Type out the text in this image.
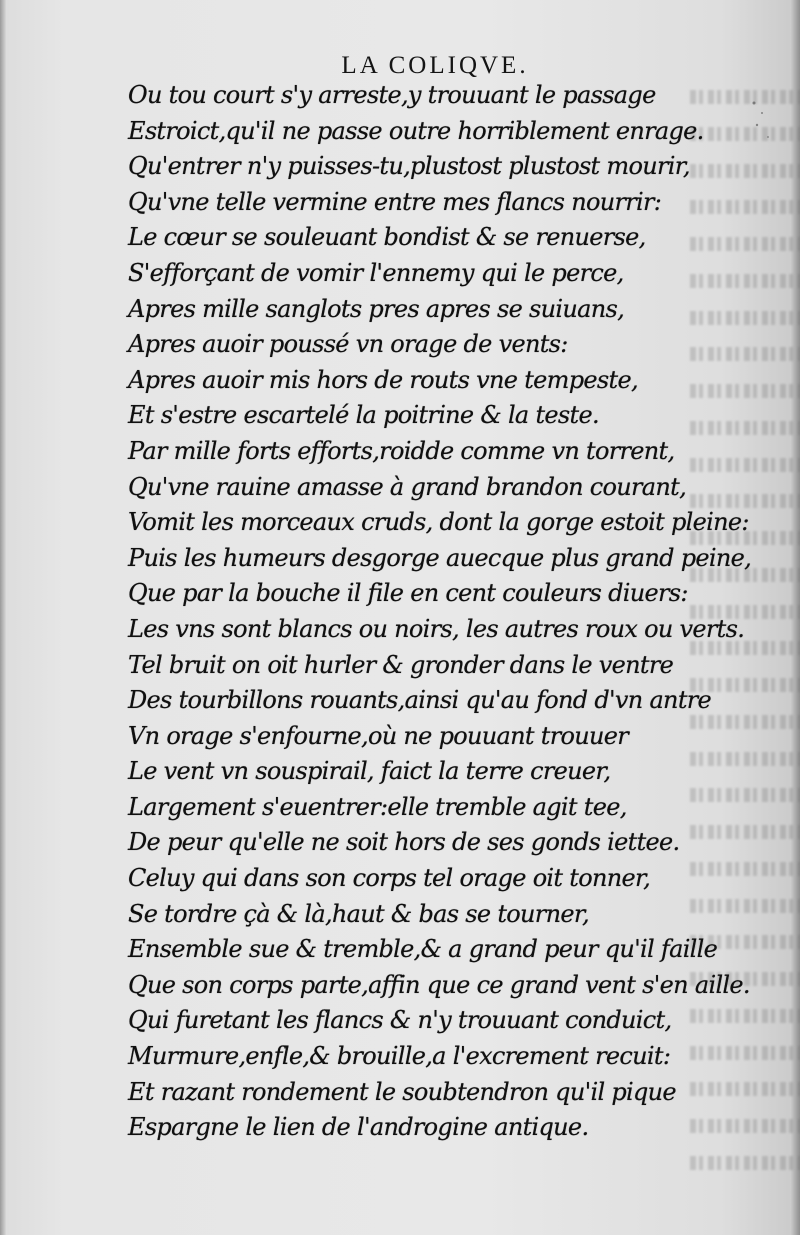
LA COLIQVE.
Ou tou court s'y arreste,y trouuant le passage
Estroict,qu'il ne passe outre horriblement enrage.
Qu'entrer n'y puisses-tu,plustost plustost mourir,
Qu'vne telle vermine entre mes flancs nourrir:
Le cœur se souleuant bondist & se renuerse,
S'efforçant de vomir l'ennemy qui le perce,
Apres mille sanglots pres apres se suiuans,
Apres auoir poussé vn orage de vents:
Apres auoir mis hors de routs vne tempeste,
Et s'estre escartelé la poitrine & la teste.
Par mille forts efforts,roidde comme vn torrent,
Qu'vne rauine amasse à grand brandon courant,
Vomit les morceaux cruds, dont la gorge estoit pleine:
Puis les humeurs desgorge auecque plus grand peine,
Que par la bouche il file en cent couleurs diuers:
Les vns sont blancs ou noirs, les autres roux ou verts.
Tel bruit on oit hurler & gronder dans le ventre
Des tourbillons rouants,ainsi qu'au fond d'vn antre
Vn orage s'enfourne,où ne pouuant trouuer
Le vent vn souspirail, faict la terre creuer,
Largement s'euentrer:elle tremble agit tee,
De peur qu'elle ne soit hors de ses gonds iettee.
Celuy qui dans son corps tel orage oit tonner,
Se tordre çà & là,haut & bas se tourner,
Ensemble sue & tremble,& a grand peur qu'il faille
Que son corps parte,affin que ce grand vent s'en aille.
Qui furetant les flancs & n'y trouuant conduict,
Murmure,enfle,& brouille,a l'excrement recuit:
Et razant rondement le soubtendron qu'il pique
Espargne le lien de l'androgine antique.
